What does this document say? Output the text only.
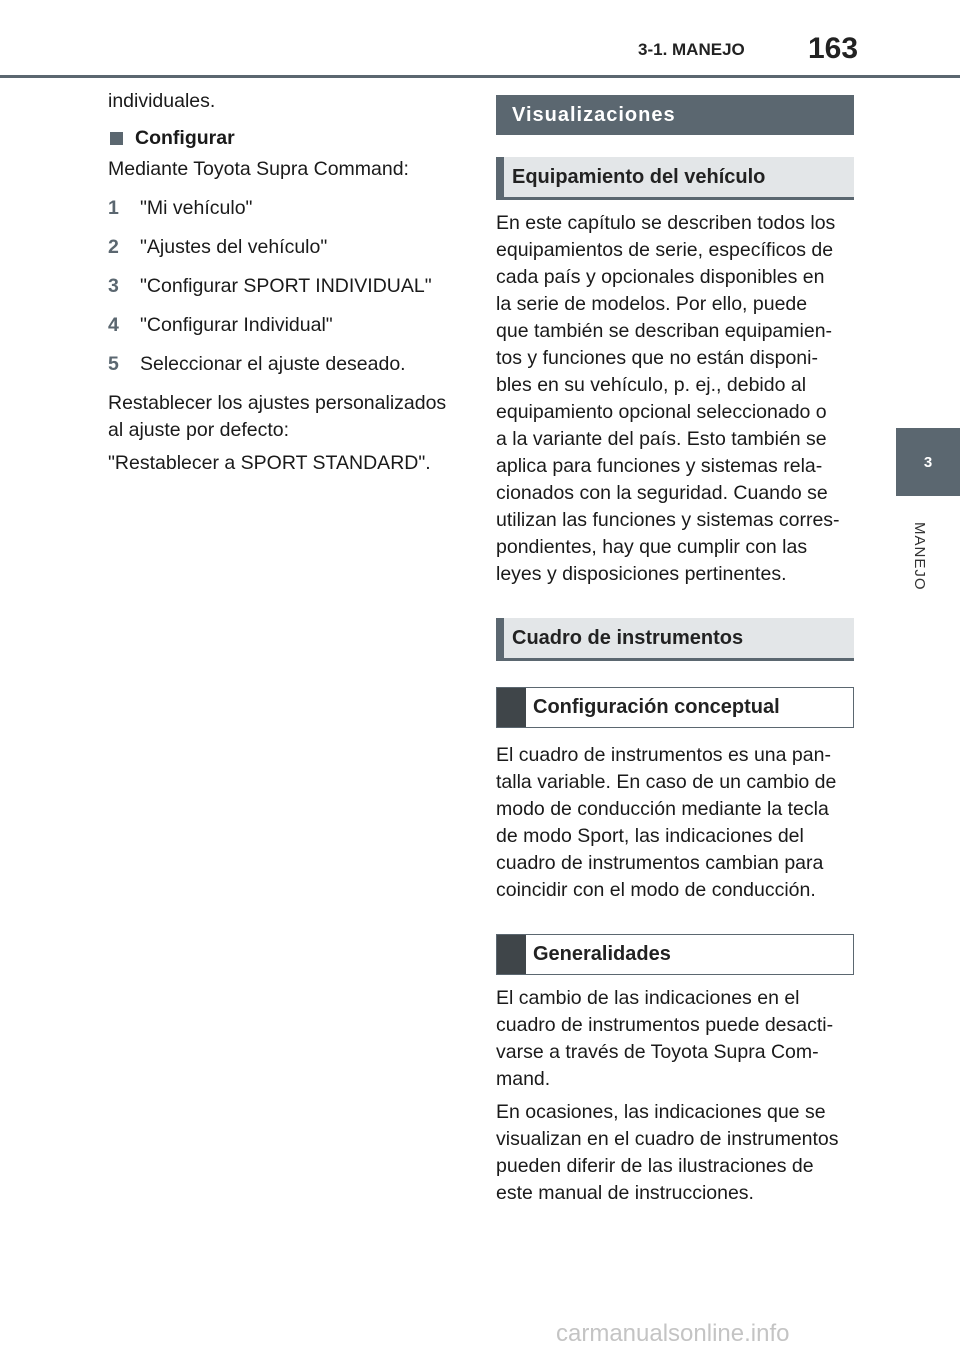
3-1. MANEJO 163
3
MANEJO

individuales.

Configurar

Mediante Toyota Supra Command:

1	"Mi vehículo"
2	"Ajustes del vehículo"
3	"Configurar SPORT INDIVIDUAL"
4	"Configurar Individual"
5	Seleccionar el ajuste deseado.

Restablecer los ajustes personalizados

al ajuste por defecto:

"Restablecer a SPORT STANDARD".

Visualizaciones
Equipamiento del vehículo

En este capítulo se describen todos los

equipamientos de serie, específicos de

cada país y opcionales disponibles en

la serie de modelos. Por ello, puede

que también se describan equipamien-

tos y funciones que no están disponi-

bles en su vehículo, p. ej., debido al

equipamiento opcional seleccionado o

a la variante del país. Esto también se

aplica para funciones y sistemas rela-

cionados con la seguridad. Cuando se

utilizan las funciones y sistemas corres-

pondientes, hay que cumplir con las

leyes y disposiciones pertinentes.

Cuadro de instrumentos
Configuración conceptual

El cuadro de instrumentos es una pan-

talla variable. En caso de un cambio de

modo de conducción mediante la tecla

de modo Sport, las indicaciones del

cuadro de instrumentos cambian para

coincidir con el modo de conducción.

Generalidades

El cambio de las indicaciones en el

cuadro de instrumentos puede desacti-

varse a través de Toyota Supra Com-

mand.

En ocasiones, las indicaciones que se

visualizan en el cuadro de instrumentos

pueden diferir de las ilustraciones de

este manual de instrucciones.

carmanualsonline.info
